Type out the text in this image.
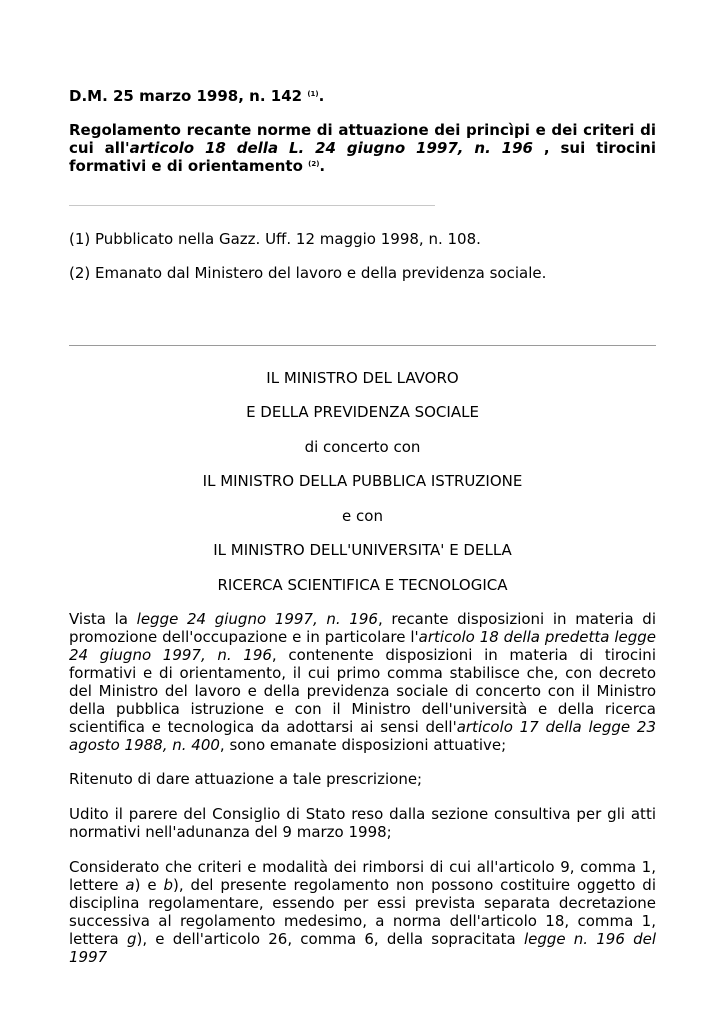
D.M. 25 marzo 1998, n. 142 $^{(1)}$.

Regolamento recante norme di attuazione dei princìpi e dei criteri di cui all'articolo 18 della L. 24 giugno 1997, n. 196 , sui tirocini formativi e di orientamento $^{(2)}$.

(1) Pubblicato nella Gazz. Uff. 12 maggio 1998, n. 108.

(2) Emanato dal Ministero del lavoro e della previdenza sociale.

IL MINISTRO DEL LAVORO

E DELLA PREVIDENZA SOCIALE

di concerto con

IL MINISTRO DELLA PUBBLICA ISTRUZIONE

e con

IL MINISTRO DELL'UNIVERSITA' E DELLA

RICERCA SCIENTIFICA E TECNOLOGICA

Vista la legge 24 giugno 1997, n. 196, recante disposizioni in materia di promozione dell'occupazione e in particolare l'articolo 18 della predetta legge 24 giugno 1997, n. 196, contenente disposizioni in materia di tirocini formativi e di orientamento, il cui primo comma stabilisce che, con decreto del Ministro del lavoro e della previdenza sociale di concerto con il Ministro della pubblica istruzione e con il Ministro dell'università e della ricerca scientifica e tecnologica da adottarsi ai sensi dell'articolo 17 della legge 23 agosto 1988, n. 400, sono emanate disposizioni attuative;

Ritenuto di dare attuazione a tale prescrizione;

Udito il parere del Consiglio di Stato reso dalla sezione consultiva per gli atti normativi nell'adunanza del 9 marzo 1998;

Considerato che criteri e modalità dei rimborsi di cui all'articolo 9, comma 1, lettere a) e b), del presente regolamento non possono costituire oggetto di disciplina regolamentare, essendo per essi prevista separata decretazione successiva al regolamento medesimo, a norma dell'articolo 18, comma 1, lettera g), e dell'articolo 26, comma 6, della sopracitata legge n. 196 del 1997
